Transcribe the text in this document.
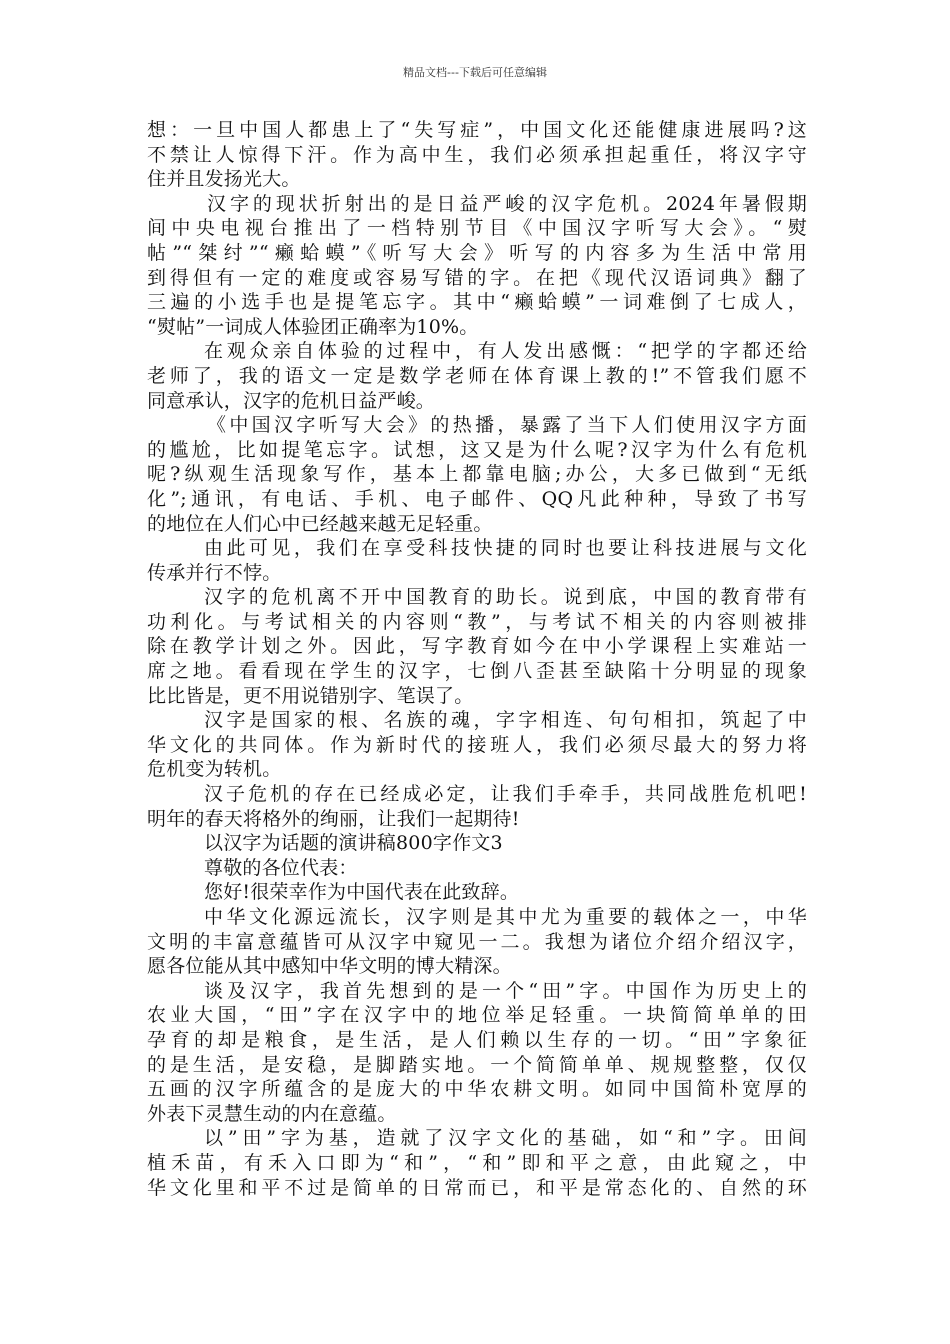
精品文档---下载后可任意编辑
想：一旦中国人都患上了“失写症”，中国文化还能健康进展吗?这
不禁让人惊得下汗。作为高中生，我们必须承担起重任，将汉字守
住并且发扬光大。
汉字的现状折射出的是日益严峻的汉字危机。2024年暑假期
间中央电视台推出了一档特别节目《中国汉字听写大会》。“熨
帖”“桀纣”“癞蛤蟆”《听写大会》听写的内容多为生活中常用
到得但有一定的难度或容易写错的字。在把《现代汉语词典》翻了
三遍的小选手也是提笔忘字。其中“癞蛤蟆”一词难倒了七成人，
“熨帖”一词成人体验团正确率为10%。
在观众亲自体验的过程中，有人发出感慨：“把学的字都还给
老师了，我的语文一定是数学老师在体育课上教的!”不管我们愿不
同意承认，汉字的危机日益严峻。
《中国汉字听写大会》的热播，暴露了当下人们使用汉字方面
的尴尬，比如提笔忘字。试想，这又是为什么呢?汉字为什么有危机
呢?纵观生活现象写作，基本上都靠电脑;办公，大多已做到“无纸
化”;通讯，有电话、手机、电子邮件、QQ凡此种种，导致了书写
的地位在人们心中已经越来越无足轻重。
由此可见，我们在享受科技快捷的同时也要让科技进展与文化
传承并行不悖。
汉字的危机离不开中国教育的助长。说到底，中国的教育带有
功利化。与考试相关的内容则“教”，与考试不相关的内容则被排
除在教学计划之外。因此，写字教育如今在中小学课程上实难站一
席之地。看看现在学生的汉字，七倒八歪甚至缺陷十分明显的现象
比比皆是，更不用说错别字、笔误了。
汉字是国家的根、名族的魂，字字相连、句句相扣，筑起了中
华文化的共同体。作为新时代的接班人，我们必须尽最大的努力将
危机变为转机。
汉子危机的存在已经成必定，让我们手牵手，共同战胜危机吧!
明年的春天将格外的绚丽，让我们一起期待!
以汉字为话题的演讲稿800字作文3
尊敬的各位代表：
您好!很荣幸作为中国代表在此致辞。
中华文化源远流长，汉字则是其中尤为重要的载体之一，中华
文明的丰富意蕴皆可从汉字中窥见一二。我想为诸位介绍介绍汉字，
愿各位能从其中感知中华文明的博大精深。
谈及汉字，我首先想到的是一个“田”字。中国作为历史上的
农业大国，“田”字在汉字中的地位举足轻重。一块简简单单的田
孕育的却是粮食，是生活，是人们赖以生存的一切。“田”字象征
的是生活，是安稳，是脚踏实地。一个简简单单、规规整整，仅仅
五画的汉字所蕴含的是庞大的中华农耕文明。如同中国简朴宽厚的
外表下灵慧生动的内在意蕴。
以”田”字为基，造就了汉字文化的基础，如“和”字。田间
植禾苗，有禾入口即为“和”，“和”即和平之意，由此窥之，中
华文化里和平不过是简单的日常而已，和平是常态化的、自然的环
